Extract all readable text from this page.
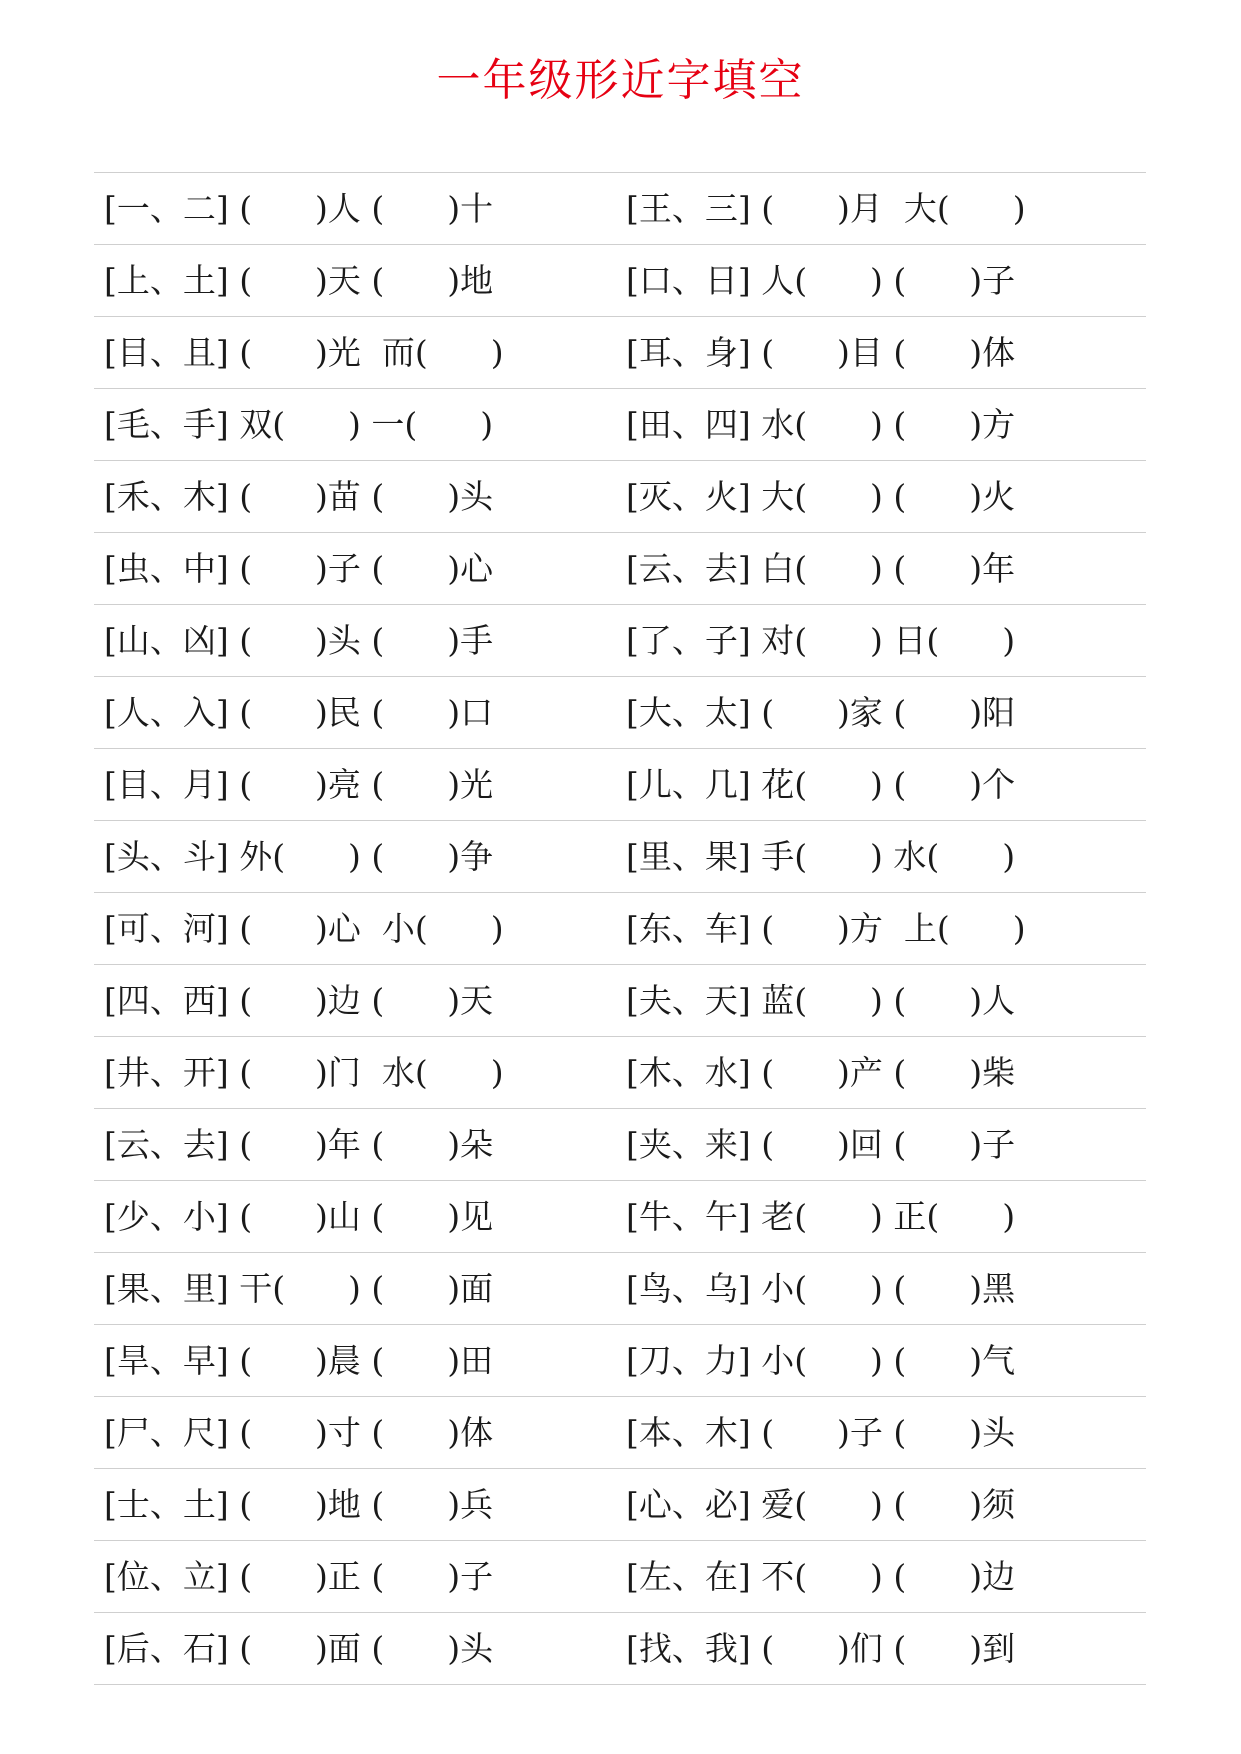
一年级形近字填空
[一、二] (      )人 (      )十	[王、三] (      )月  大(      )
[上、土] (      )天 (      )地	[口、日] 人(      ) (      )子
[目、且] (      )光  而(      )	[耳、身] (      )目 (      )体
[毛、手] 双(      ) 一(      )	[田、四] 水(      ) (      )方
[禾、木] (      )苗 (      )头	[灭、火] 大(      ) (      )火
[虫、中] (      )子 (      )心	[云、去] 白(      ) (      )年
[山、凶] (      )头 (      )手	[了、子] 对(      ) 日(      )
[人、入] (      )民 (      )口	[大、太] (      )家 (      )阳
[目、月] (      )亮 (      )光	[儿、几] 花(      ) (      )个
[头、斗] 外(      ) (      )争	[里、果] 手(      ) 水(      )
[可、河] (      )心  小(      )	[东、车] (      )方  上(      )
[四、西] (      )边 (      )天	[夫、天] 蓝(      ) (      )人
[井、开] (      )门  水(      )	[木、水] (      )产 (      )柴
[云、去] (      )年 (      )朵	[夹、来] (      )回 (      )子
[少、小] (      )山 (      )见	[牛、午] 老(      ) 正(      )
[果、里] 干(      ) (      )面	[鸟、乌] 小(      ) (      )黑
[旱、早] (      )晨 (      )田	[刀、力] 小(      ) (      )气
[尸、尺] (      )寸 (      )体	[本、木] (      )子 (      )头
[士、土] (      )地 (      )兵	[心、必] 爱(      ) (      )须
[位、立] (      )正 (      )子	[左、在] 不(      ) (      )边
[后、石] (      )面 (      )头	[找、我] (      )们 (      )到
